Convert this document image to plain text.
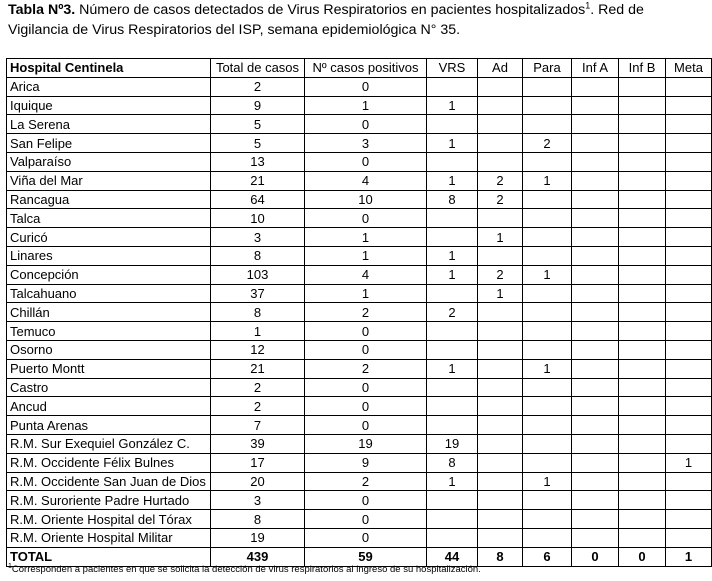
Tabla Nº3. Número de casos detectados de Virus Respiratorios en pacientes hospitalizados$^1$. Red de Vigilancia de Virus Respiratorios del ISP, semana epidemiológica N° 35.
Hospital Centinela	Total de casos	Nº casos positivos	VRS	Ad	Para	Inf A	Inf B	Meta
Arica	2	0						
Iquique	9	1	1					
La Serena	5	0						
San Felipe	5	3	1		2			
Valparaíso	13	0						
Viña del Mar	21	4	1	2	1			
Rancagua	64	10	8	2				
Talca	10	0						
Curicó	3	1		1				
Linares	8	1	1					
Concepción	103	4	1	2	1			
Talcahuano	37	1		1				
Chillán	8	2	2					
Temuco	1	0						
Osorno	12	0						
Puerto Montt	21	2	1		1			
Castro	2	0						
Ancud	2	0						
Punta Arenas	7	0						
R.M. Sur Exequiel González C.	39	19	19					
R.M. Occidente Félix Bulnes	17	9	8					1
R.M. Occidente San Juan de Dios	20	2	1		1			
R.M. Suroriente Padre Hurtado	3	0						
R.M. Oriente Hospital del Tórax	8	0						
R.M. Oriente Hospital Militar	19	0						
TOTAL	439	59	44	8	6	0	0	1
$^1$Corresponden a pacientes en que se solicita la detección de virus respiratorios al ingreso de su hospitalización.
